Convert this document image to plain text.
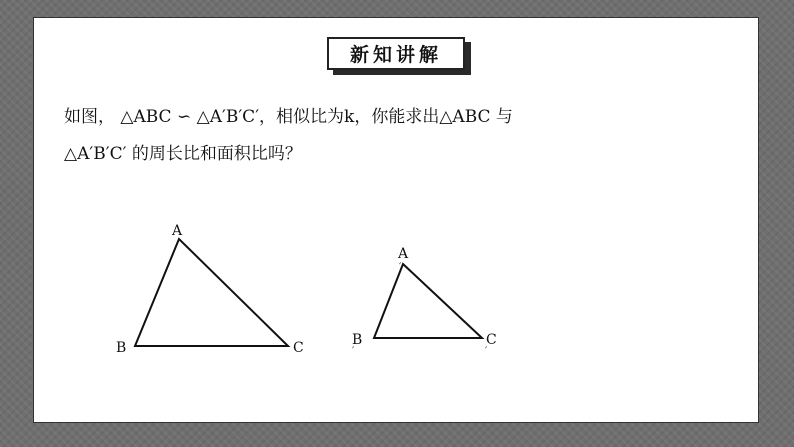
新知讲解
如图， △ABC ∽ △A′B′C′，相似比为k，你能求出△ABC 与
△A′B′C′ 的周长比和面积比吗？
A
B	C
A
′
B
′
C
′
